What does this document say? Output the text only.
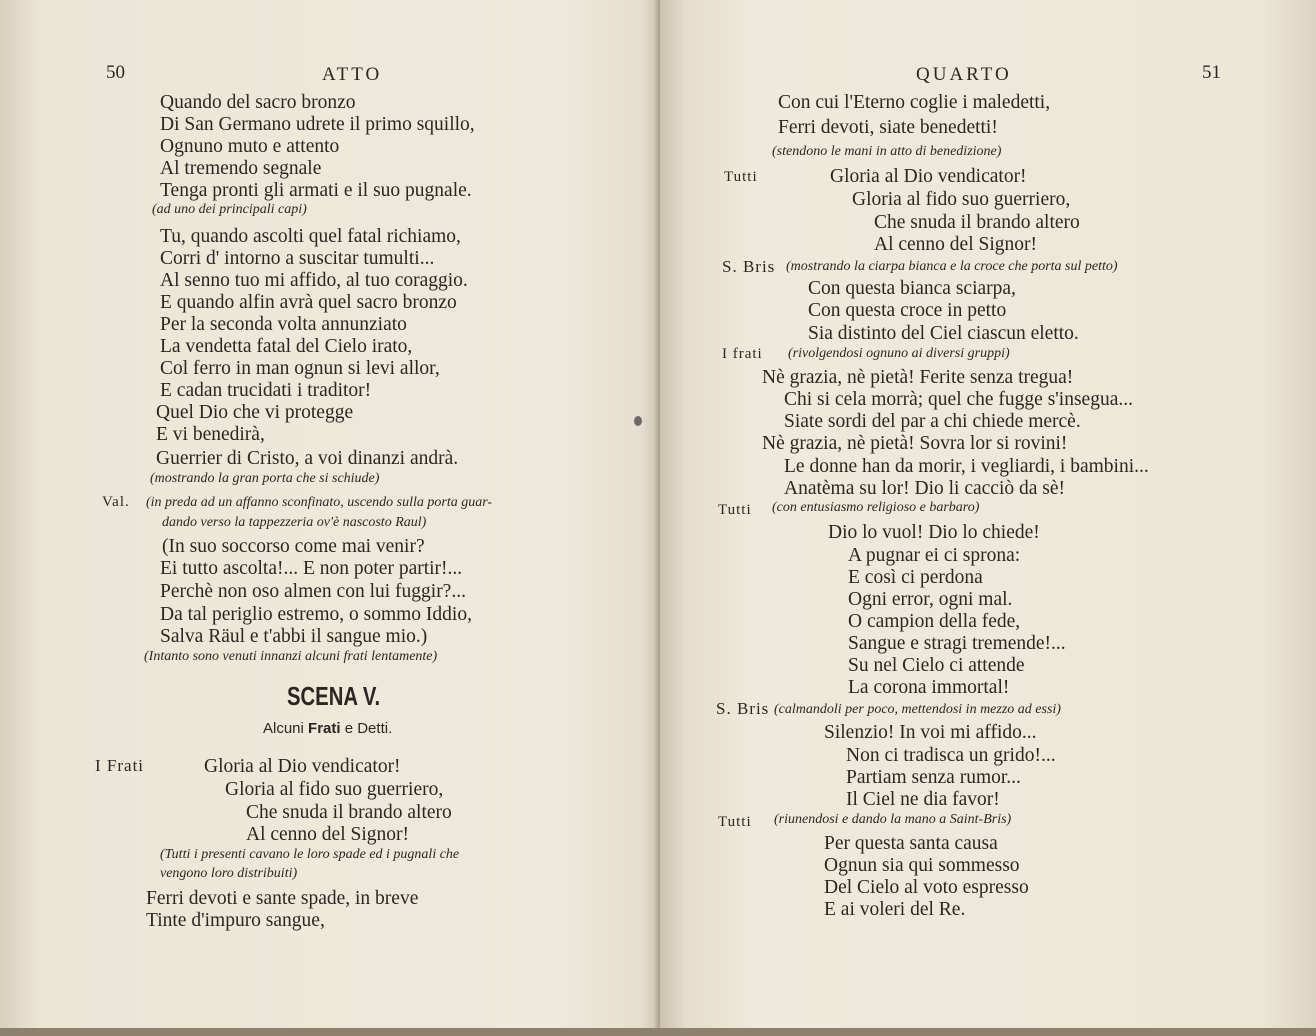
50	ATTO
Quando del sacro bronzo
Di San Germano udrete il primo squillo,
Ognuno muto e attento
Al tremendo segnale
Tenga pronti gli armati e il suo pugnale.
(ad uno dei principali capi)
Tu, quando ascolti quel fatal richiamo,
Corri d' intorno a suscitar tumulti...
Al senno tuo mi affido, al tuo coraggio.
E quando alfin avrà quel sacro bronzo
Per la seconda volta annunziato
La vendetta fatal del Cielo irato,
Col ferro in man ognun si levi allor,
E cadan trucidati i traditor!
Quel Dio che vi protegge
E vi benedirà,
Guerrier di Cristo, a voi dinanzi andrà.
(mostrando la gran porta che si schiude)
Val. (in preda ad un affanno sconfinato, uscendo sulla porta guar-
dando verso la tappezzeria ov'è nascosto Raul)
(In suo soccorso come mai venir?
Ei tutto ascolta!... E non poter partir!...
Perchè non oso almen con lui fuggir?...
Da tal periglio estremo, o sommo Iddio,
Salva Räul e t'abbi il sangue mio.)
(Intanto sono venuti innanzi alcuni frati lentamente)
SCENA V.
Alcuni Frati e Detti.
I Frati	Gloria al Dio vendicator!
Gloria al fido suo guerriero,
Che snuda il brando altero
Al cenno del Signor!
(Tutti i presenti cavano le loro spade ed i pugnali che
vengono loro distribuiti)
Ferri devoti e sante spade, in breve
Tinte d'impuro sangue,
QUARTO	51
Con cui l'Eterno coglie i maledetti,
Ferri devoti, siate benedetti!
(stendono le mani in atto di benedizione)
Tutti	Gloria al Dio vendicator!
Gloria al fido suo guerriero,
Che snuda il brando altero
Al cenno del Signor!
S. Bris (mostrando la ciarpa bianca e la croce che porta sul petto)
Con questa bianca sciarpa,
Con questa croce in petto
Sia distinto del Ciel ciascun eletto.
I frati (rivolgendosi ognuno ai diversi gruppi)
Nè grazia, nè pietà! Ferite senza tregua!
Chi si cela morrà; quel che fugge s'insegua...
Siate sordi del par a chi chiede mercè.
Nè grazia, nè pietà! Sovra lor si rovini!
Le donne han da morir, i vegliardi, i bambini...
Anatèma su lor! Dio li cacciò da sè!
Tutti (con entusiasmo religioso e barbaro)
Dio lo vuol! Dio lo chiede!
A pugnar ei ci sprona:
E così ci perdona
Ogni error, ogni mal.
O campion della fede,
Sangue e stragi tremende!...
Su nel Cielo ci attende
La corona immortal!
S. Bris (calmandoli per poco, mettendosi in mezzo ad essi)
Silenzio! In voi mi affido...
Non ci tradisca un grido!...
Partiam senza rumor...
Il Ciel ne dia favor!
Tutti (riunendosi e dando la mano a Saint-Bris)
Per questa santa causa
Ognun sia qui sommesso
Del Cielo al voto espresso
E ai voleri del Re.
